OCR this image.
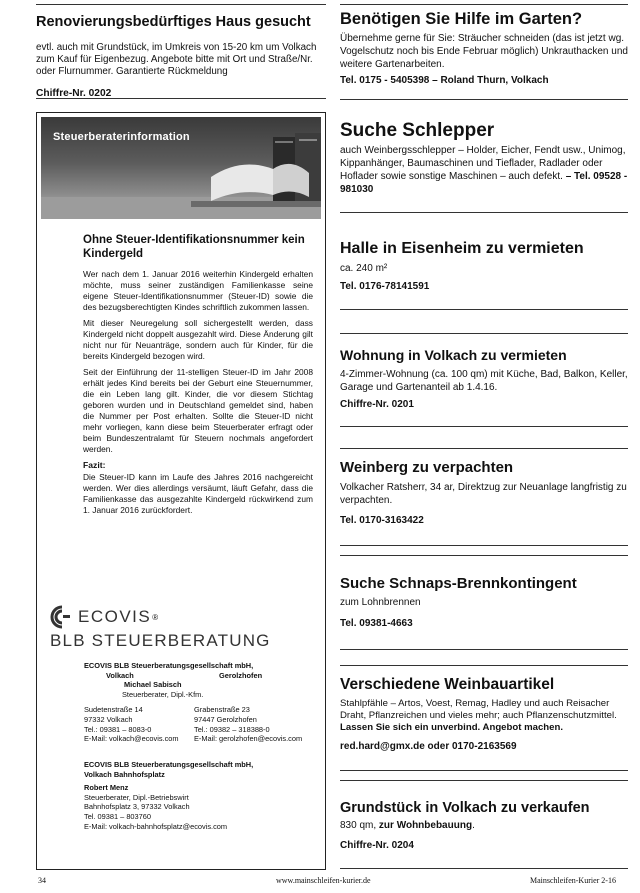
Renovierungsbedürftiges Haus gesucht

evtl. auch mit Grundstück, im Umkreis von 15-20 km um Volkach zum Kauf für Eigenbezug. Angebote bitte mit Ort und Straße/Nr. oder Flurnummer. Garantierte Rückmeldung

Chiffre-Nr. 0202

Steuerberaterinformation
Ohne Steuer-Identifikationsnummer kein Kindergeld

Wer nach dem 1. Januar 2016 weiterhin Kindergeld erhalten möchte, muss seiner zuständigen Familienkasse seine eigene Steuer-Identifikationsnummer (Steuer-ID) sowie die des bezugsberechtigten Kindes schriftlich zukommen lassen.

Mit dieser Neuregelung soll sichergestellt werden, dass Kindergeld nicht doppelt ausgezahlt wird. Diese Änderung gilt nicht nur für Neuanträge, sondern auch für Kinder, für die bereits Kindergeld bezogen wird.

Seit der Einführung der 11-stelligen Steuer-ID im Jahr 2008 erhält jedes Kind bereits bei der Geburt eine Steuernummer, die ein Leben lang gilt. Kinder, die vor diesem Stichtag geboren wurden und in Deutschland gemeldet sind, haben die Nummer per Post erhalten. Sollte die Steuer-ID nicht mehr vorliegen, kann diese beim Steuerberater erfragt oder beim Bundeszentralamt für Steuern nochmals angefordert werden.

Fazit:

Die Steuer-ID kann im Laufe des Jahres 2016 nachgereicht werden. Wer dies allerdings versäumt, läuft Gefahr, dass die Familienkasse das ausgezahlte Kindergeld rückwirkend zum 1. Januar 2016 zurückfordert.

ECOVIS ®
BLB STEUERBERATUNG
ECOVIS BLB Steuerberatungsgesellschaft mbH,
Volkach	Gerolzhofen
Michael Sabisch
Steuerberater, Dipl.-Kfm.
Sudetenstraße 14
97332 Volkach
Tel.: 09381 – 8083-0
E-Mail: volkach@ecovis.com
Grabenstraße 23
97447 Gerolzhofen
Tel.: 09382 – 318388-0
E-Mail: gerolzhofen@ecovis.com
ECOVIS BLB Steuerberatungsgesellschaft mbH,
Volkach Bahnhofsplatz
Robert Menz
Steuerberater, Dipl.-Betriebswirt
Bahnhofsplatz 3, 97332 Volkach
Tel. 09381 – 803760
E-Mail: volkach-bahnhofsplatz@ecovis.com
Benötigen Sie Hilfe im Garten?

Übernehme gerne für Sie: Sträucher schneiden (das ist jetzt wg. Vogelschutz noch bis Ende Februar möglich) Unkrauthacken und weitere Gartenarbeiten.

Tel. 0175 - 5405398 – Roland Thurn, Volkach

Suche Schlepper

auch Weinbergsschlepper – Holder, Eicher, Fendt usw., Unimog, Kippanhänger, Baumaschinen und Tieflader, Radlader oder Hoflader sowie sonstige Maschinen – auch defekt. – Tel. 09528 - 981030

Halle in Eisenheim zu vermieten

ca. 240 m²

Tel. 0176-78141591

Wohnung in Volkach zu vermieten

4-Zimmer-Wohnung (ca. 100 qm) mit Küche, Bad, Balkon, Keller, Garage und Gartenanteil ab 1.4.16.

Chiffre-Nr. 0201

Weinberg zu verpachten

Volkacher Ratsherr, 34 ar, Direktzug zur Neuanlage langfristig zu verpachten.

Tel. 0170-3163422

Suche Schnaps-Brennkontingent

zum Lohnbrennen

Tel. 09381-4663

Verschiedene Weinbauartikel

Stahlpfähle – Artos, Voest, Remag, Hadley und auch Reisacher Draht, Pflanzreichen und vieles mehr; auch Pflanzenschutzmittel.

Lassen Sie sich ein unverbind. Angebot machen.

red.hard@gmx.de oder 0170-2163569

Grundstück in Volkach zu verkaufen

830 qm, zur Wohnbebauung.

Chiffre-Nr. 0204

34	www.mainschleifen-kurier.de	Mainschleifen-Kurier 2-16
